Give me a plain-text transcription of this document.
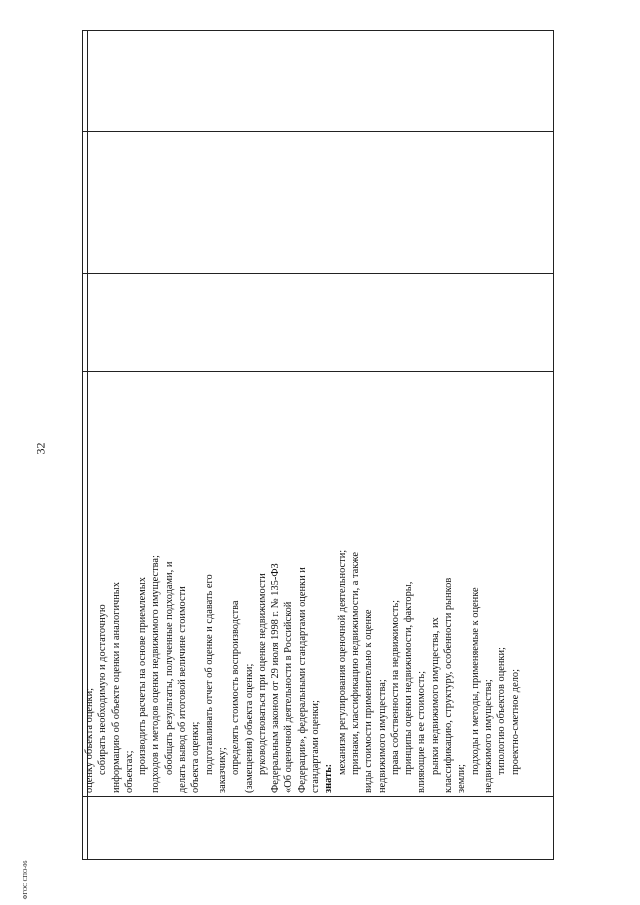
32
оценку объекта оценки; собирать необходимую и достаточную информацию об объекте оценки и аналогичных объектах; производить расчеты на основе приемлемых подходов и методов оценки недвижимого имущества; обобщать результаты, полученные подходами, и делать вывод об итоговой величине стоимости объекта оценки; подготавливать отчет об оценке и сдавать его заказчику; определять стоимость воспроизводства (замещения) объекта оценки; руководствоваться при оценке недвижимости Федеральным законом от 29 июля 1998 г. № 135-ФЗ «Об оценочной деятельности в Российской Федерации», федеральными стандартами оценки и стандартами оценки; знать:
механизм регулирования оценочной деятельности; признаки, классификацию недвижимости, а также виды стоимости применительно к оценке недвижимого имущества; права собственности на недвижимость; принципы оценки недвижимости, факторы, влияющие на ее стоимость; рынки недвижимого имущества, их классификацию, структуру, особенности рынков земли;
подходы и методы, применяемые к оценке недвижимого имущества; типологию объектов оценки; проектно-сметное дело;
ФГОС СПО-06
